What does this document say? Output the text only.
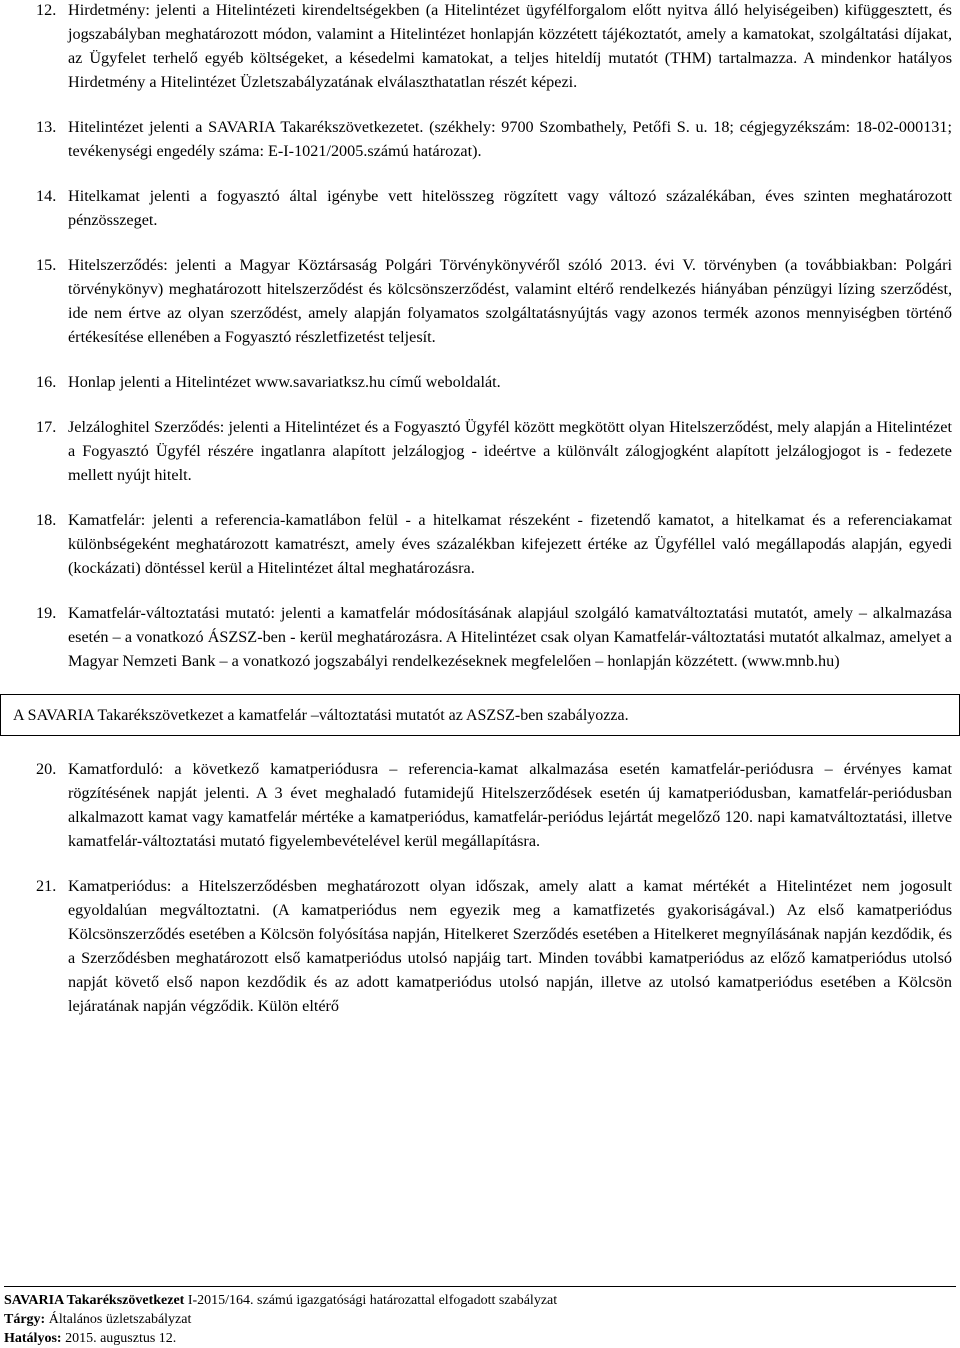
12. Hirdetmény: jelenti a Hitelintézeti kirendeltségekben (a Hitelintézet ügyfélforgalom előtt nyitva álló helyiségeiben) kifüggesztett, és jogszabályban meghatározott módon, valamint a Hitelintézet honlapján közzétett tájékoztatót, amely a kamatokat, szolgáltatási díjakat, az Ügyfelet terhelő egyéb költségeket, a késedelmi kamatokat, a teljes hiteldíj mutatót (THM) tartalmazza. A mindenkor hatályos Hirdetmény a Hitelintézet Üzletszabályzatának elválaszthatatlan részét képezi.
13. Hitelintézet jelenti a SAVARIA Takarékszövetkezetet. (székhely: 9700 Szombathely, Petőfi S. u. 18; cégjegyzékszám: 18-02-000131; tevékenységi engedély száma: E-I-1021/2005.számú határozat).
14. Hitelkamat jelenti a fogyasztó által igénybe vett hitelösszeg rögzített vagy változó százalékában, éves szinten meghatározott pénzösszeget.
15. Hitelszerződés: jelenti a Magyar Köztársaság Polgári Törvénykönyvéről szóló 2013. évi V. törvényben (a továbbiakban: Polgári törvénykönyv) meghatározott hitelszerződést és kölcsönszerződést, valamint eltérő rendelkezés hiányában pénzügyi lízing szerződést, ide nem értve az olyan szerződést, amely alapján folyamatos szolgáltatásnyújtás vagy azonos termék azonos mennyiségben történő értékesítése ellenében a Fogyasztó részletfizetést teljesít.
16. Honlap jelenti a Hitelintézet www.savariatksz.hu című weboldalát.
17. Jelzáloghitel Szerződés: jelenti a Hitelintézet és a Fogyasztó Ügyfél között megkötött olyan Hitelszerződést, mely alapján a Hitelintézet a Fogyasztó Ügyfél részére ingatlanra alapított jelzálogjog - ideértve a különvált zálogjogként alapított jelzálogjogot is - fedezete mellett nyújt hitelt.
18. Kamatfelár: jelenti a referencia-kamatlábon felül - a hitelkamat részeként - fizetendő kamatot, a hitelkamat és a referenciakamat különbségeként meghatározott kamatrészt, amely éves százalékban kifejezett értéke az Ügyféllel való megállapodás alapján, egyedi (kockázati) döntéssel kerül a Hitelintézet által meghatározásra.
19. Kamatfelár-változtatási mutató: jelenti a kamatfelár módosításának alapjául szolgáló kamatváltoztatási mutatót, amely – alkalmazása esetén – a vonatkozó ÁSZSZ-ben - kerül meghatározásra. A Hitelintézet csak olyan Kamatfelár-változtatási mutatót alkalmaz, amelyet a Magyar Nemzeti Bank – a vonatkozó jogszabályi rendelkezéseknek megfelelően – honlapján közzétett. (www.mnb.hu)
A SAVARIA Takarékszövetkezet a kamatfelár –változtatási mutatót az ASZSZ-ben szabályozza.
20. Kamatforduló: a következő kamatperiódusra – referencia-kamat alkalmazása esetén kamatfelár-periódusra – érvényes kamat rögzítésének napját jelenti. A 3 évet meghaladó futamidejű Hitelszerződések esetén új kamatperiódusban, kamatfelár-periódusban alkalmazott kamat vagy kamatfelár mértéke a kamatperiódus, kamatfelár-periódus lejártát megelőző 120. napi kamatváltoztatási, illetve kamatfelár-változtatási mutató figyelembevételével kerül megállapításra.
21. Kamatperiódus: a Hitelszerződésben meghatározott olyan időszak, amely alatt a kamat mértékét a Hitelintézet nem jogosult egyoldalúan megváltoztatni. (A kamatperiódus nem egyezik meg a kamatfizetés gyakoriságával.) Az első kamatperiódus Kölcsönszerződés esetében a Kölcsön folyósítása napján, Hitelkeret Szerződés esetében a Hitelkeret megnyílásának napján kezdődik, és a Szerződésben meghatározott első kamatperiódus utolsó napjáig tart. Minden további kamatperiódus az előző kamatperiódus utolsó napját követő első napon kezdődik és az adott kamatperiódus utolsó napján, illetve az utolsó kamatperiódus esetében a Kölcsön lejáratának napján végződik. Külön eltérő
SAVARIA Takarékszövetkezet I-2015/164. számú igazgatósági határozattal elfogadott szabályzat
Tárgy: Általános üzletszabályzat
Hatályos: 2015. augusztus 12.
